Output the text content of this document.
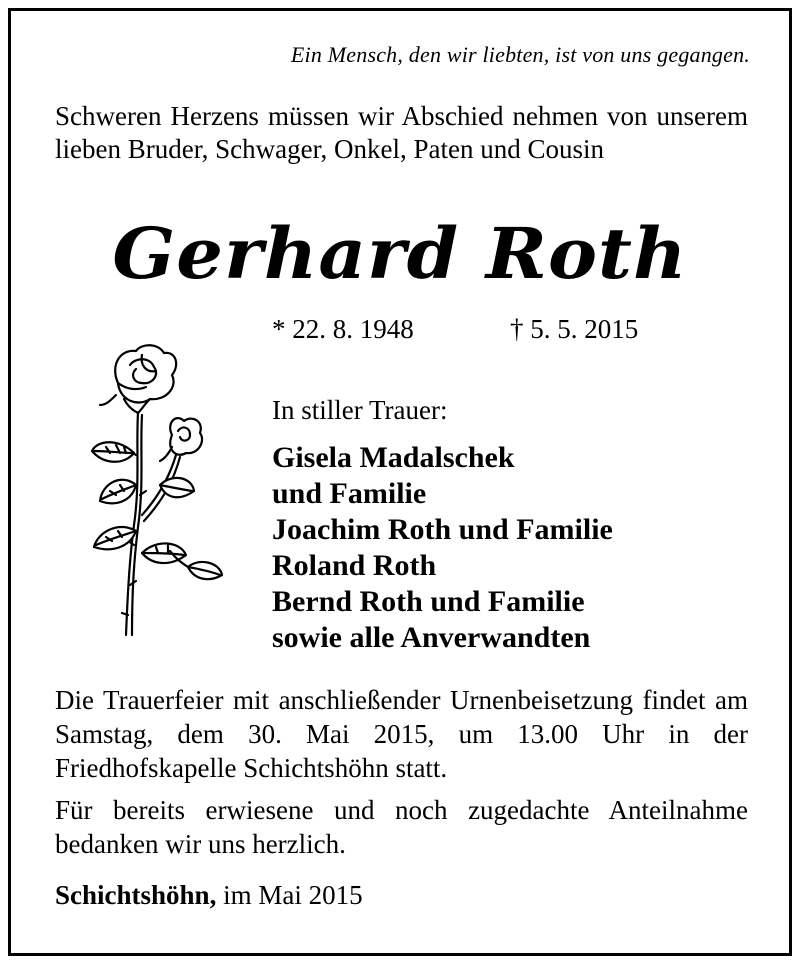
Ein Mensch, den wir liebten, ist von uns gegangen.
Schweren Herzens müssen wir Abschied nehmen von unserem lieben Bruder, Schwager, Onkel, Paten und Cousin
Gerhard Roth
* 22. 8. 1948	† 5. 5. 2015
In stiller Trauer:
Gisela Madalschek
und Familie
Joachim Roth und Familie
Roland Roth
Bernd Roth und Familie
sowie alle Anverwandten
Die Trauerfeier mit anschließender Urnenbeisetzung findet am Samstag, dem 30. Mai 2015, um 13.00 Uhr in der Friedhofskapelle Schichtshöhn statt.
Für bereits erwiesene und noch zugedachte Anteilnahme bedanken wir uns herzlich.
Schichtshöhn, im Mai 2015
